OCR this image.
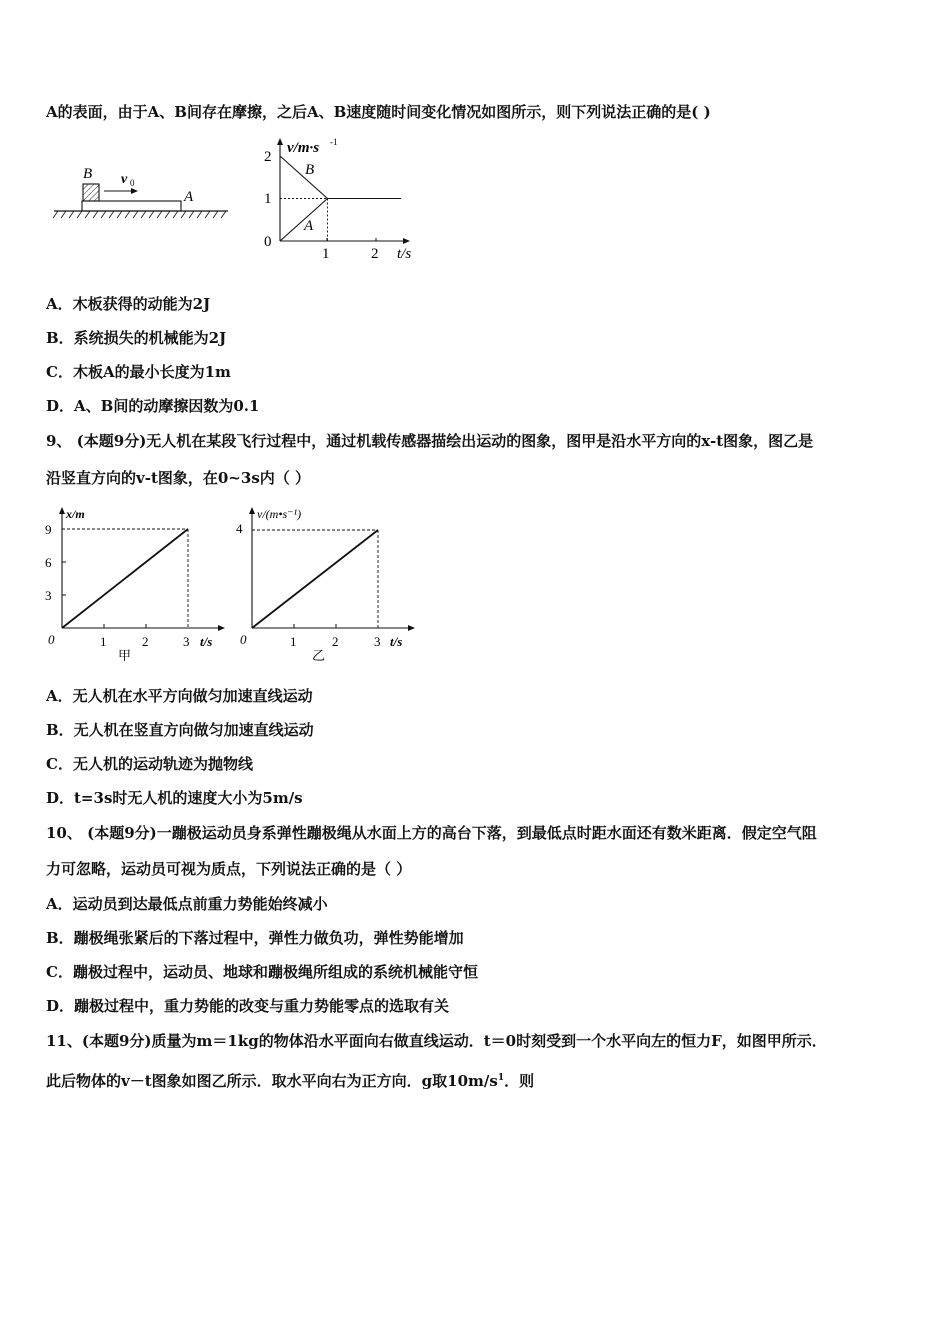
A的表面，由于A、B间存在摩擦，之后A、B速度随时间变化情况如图所示，则下列说法正确的是( )
B
A
v 0
v/m·s -1
2
1
0
1	2 t/s
B
A
A．木板获得的动能为2J
B．系统损失的机械能为2J
C．木板A的最小长度为1m
D．A、B间的动摩擦因数为0.1
9、 (本题9分)无人机在某段飞行过程中，通过机载传感器描绘出运动的图象，图甲是沿水平方向的x-t图象，图乙是
沿竖直方向的v-t图象，在0~3s内（ ）
x/m
9
6
3
0	1	2	3 t/s
甲
v/(m•s⁻¹)
4
0	1	2	3 t/s
乙
A．无人机在水平方向做匀加速直线运动
B．无人机在竖直方向做匀加速直线运动
C．无人机的运动轨迹为抛物线
D．t=3s时无人机的速度大小为5m/s
10、 (本题9分)一蹦极运动员身系弹性蹦极绳从水面上方的高台下落，到最低点时距水面还有数米距离．假定空气阻
力可忽略，运动员可视为质点，下列说法正确的是（ ）
A．运动员到达最低点前重力势能始终减小
B．蹦极绳张紧后的下落过程中，弹性力做负功，弹性势能增加
C．蹦极过程中，运动员、地球和蹦极绳所组成的系统机械能守恒
D．蹦极过程中，重力势能的改变与重力势能零点的选取有关
11、(本题9分)质量为m＝1kg的物体沿水平面向右做直线运动．t＝0时刻受到一个水平向左的恒力F，如图甲所示．
此后物体的v－t图象如图乙所示．取水平向右为正方向．g取$10m/s^1$．则
